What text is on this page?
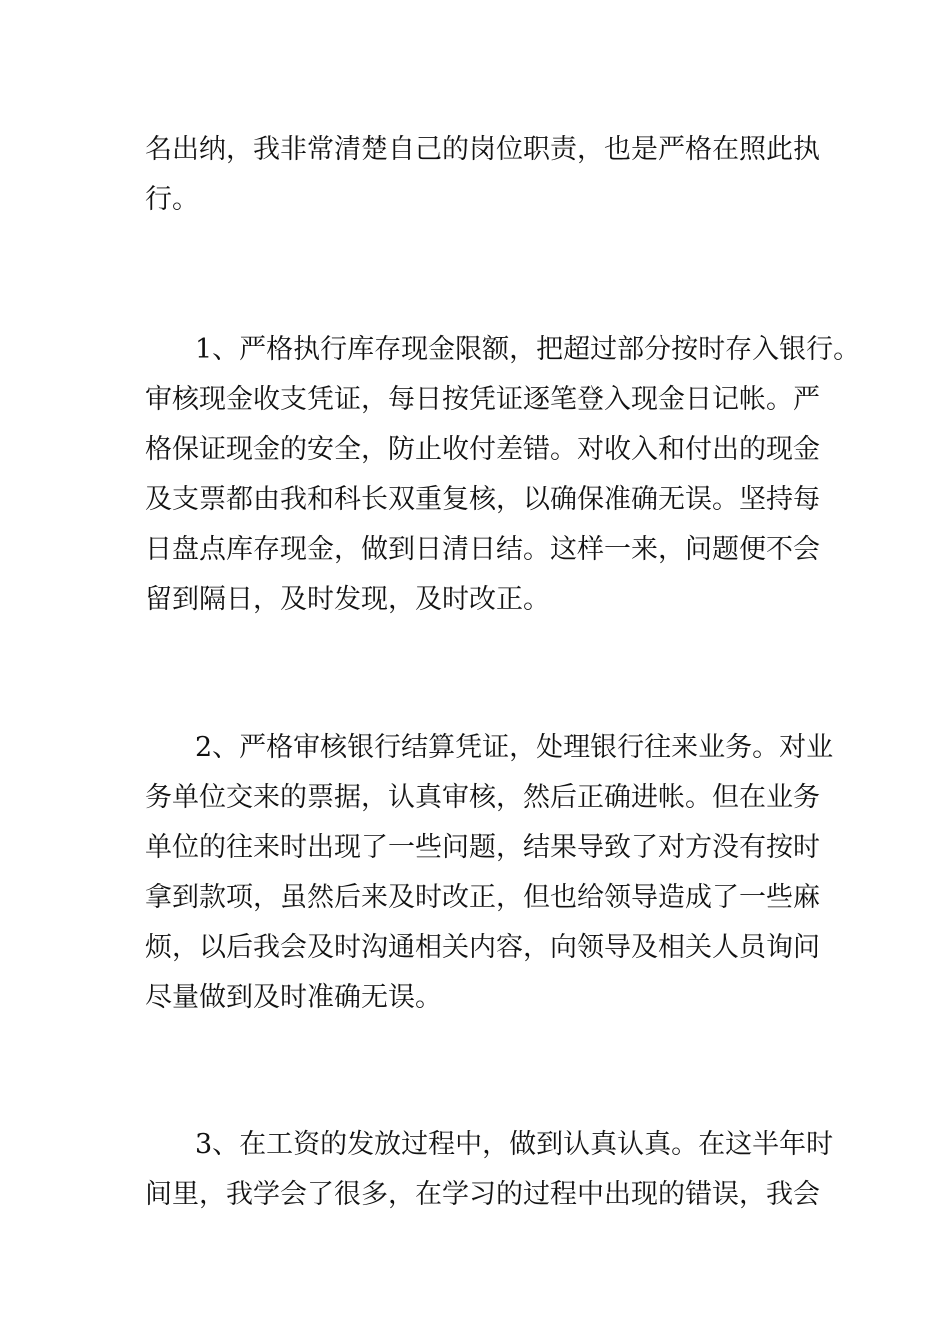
名出纳，我非常清楚自己的岗位职责，也是严格在照此执
行。
1、严格执行库存现金限额，把超过部分按时存入银行。
审核现金收支凭证，每日按凭证逐笔登入现金日记帐。严
格保证现金的安全，防止收付差错。对收入和付出的现金
及支票都由我和科长双重复核，以确保准确无误。坚持每
日盘点库存现金，做到日清日结。这样一来，问题便不会
留到隔日，及时发现，及时改正。
2、严格审核银行结算凭证，处理银行往来业务。对业
务单位交来的票据，认真审核，然后正确进帐。但在业务
单位的往来时出现了一些问题，结果导致了对方没有按时
拿到款项，虽然后来及时改正，但也给领导造成了一些麻
烦，以后我会及时沟通相关内容，向领导及相关人员询问
尽量做到及时准确无误。
3、在工资的发放过程中，做到认真认真。在这半年时
间里，我学会了很多，在学习的过程中出现的错误，我会
